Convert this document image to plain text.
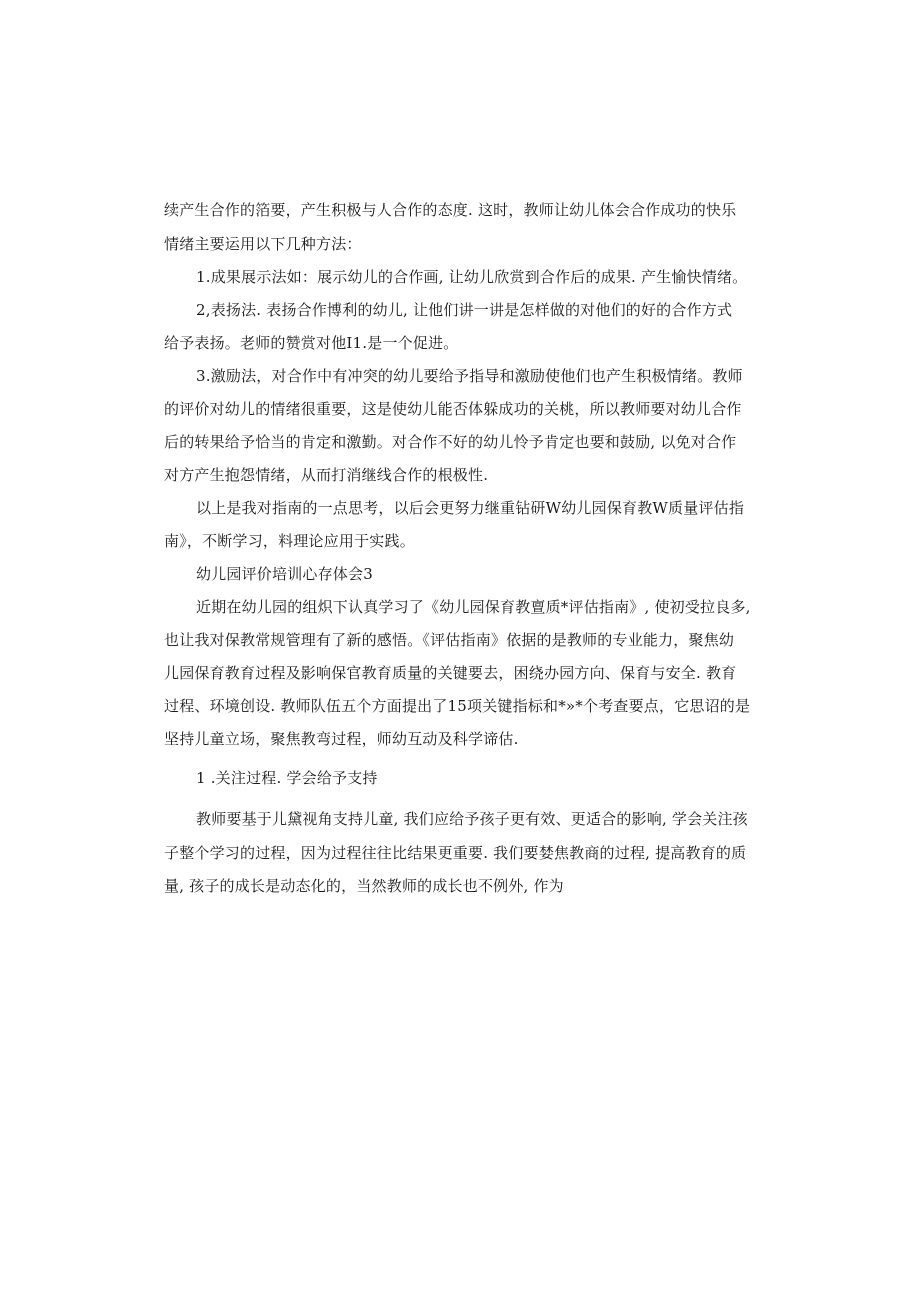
续产生合作的箔要，产生积极与人合作的态度. 这时，教师让幼儿体会合作成功的快乐
情绪主要运用以下几种方法：
1.成果展示法如：展示幼儿的合作画, 让幼儿欣赏到合作后的成果. 产生愉快情绪。
2,表扬法. 表扬合作博利的幼儿, 让他们讲一讲是怎样做的对他们的好的合作方式
给予表扬。老师的赞赏对他I1.是一个促进。
3.激励法，对合作中有冲突的幼儿要给予指导和激励使他们也产生积极情绪。教师
的评价对幼儿的情绪很重要，这是使幼儿能否体躲成功的关桃，所以教师要对幼儿合作
后的转果给予恰当的肯定和激勤。对合作不好的幼儿怜予肯定也要和鼓励, 以免对合作
对方产生抱怨情绪，从而打消继线合作的根极性.
以上是我对指南的一点思考，以后会更努力继重钻研W幼儿园保育教W质量评估指
南》，不断学习，料理论应用于实践。
幼儿园评价培训心存体会3
近期在幼儿园的组炽下认真学习了《幼儿园保育教亶质*评估指南》, 使初受拉良多,
也让我对保教常规管理有了新的感悟。《评估指南》依据的是教师的专业能力，聚焦幼
儿园保育教育过程及影响保官教育质量的关键要去，困绕办园方向、保育与安全. 教育
过程、环境创设. 教师队伍五个方面提出了15项关键指标和*»*个考查要点，它思诏的是
坚持儿童立场，聚焦教弯过程，师幼互动及科学谛估.
1 .关注过程. 学会给予支持
教师要基于儿黛视角支持儿童, 我们应给予孩子更有效、更适合的影响, 学会关注孩
子整个学习的过程，因为过程往往比结果更重要. 我们要婪焦教商的过程, 提高教育的质
量, 孩子的成长是动态化的，当然教师的成长也不例外, 作为
